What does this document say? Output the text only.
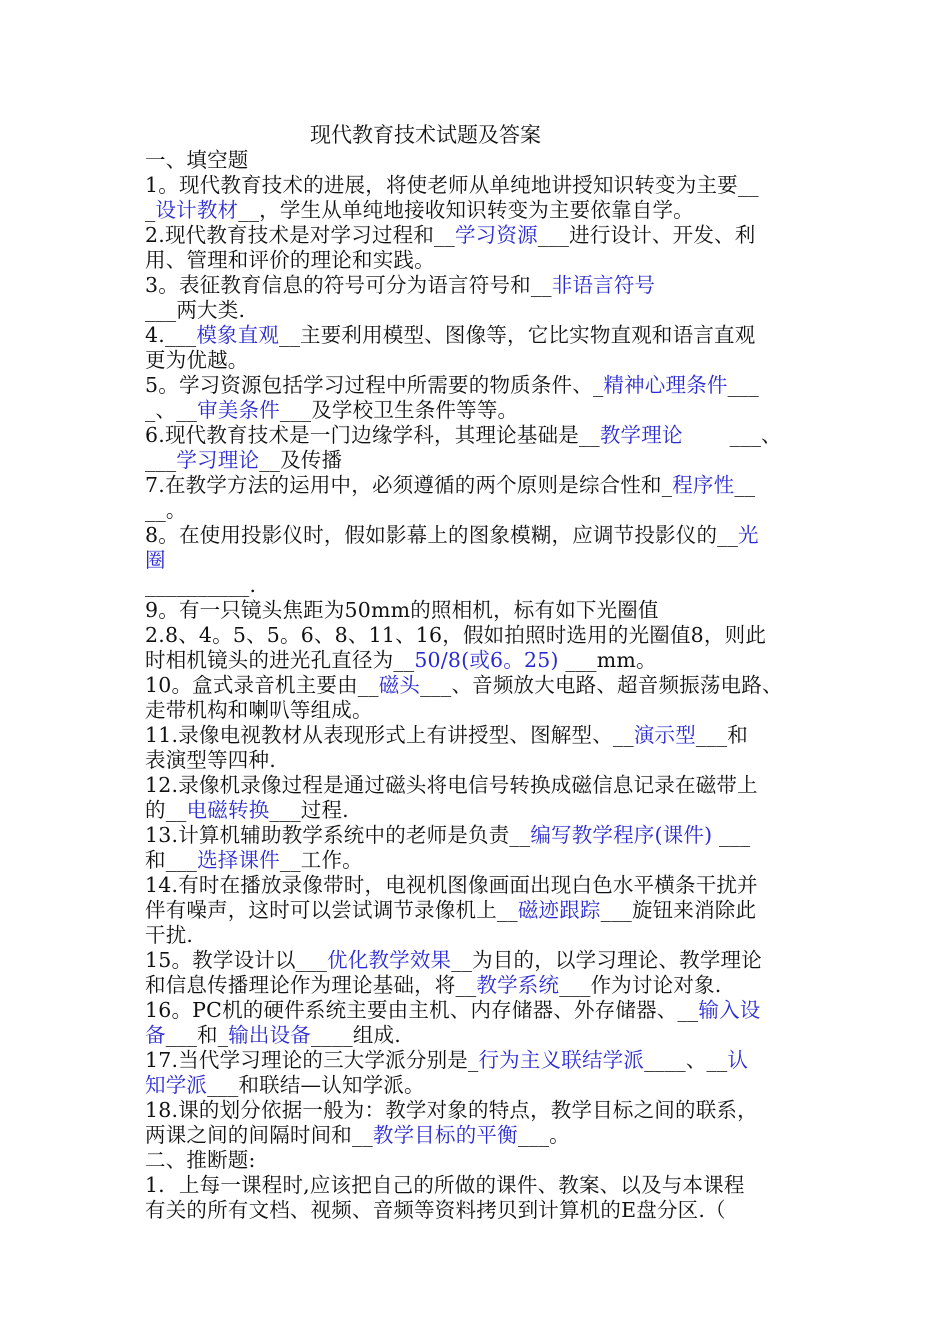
现代教育技术试题及答案
一、填空题
1。现代教育技术的进展，将使老师从单纯地讲授知识转变为主要__
_设计教材__，学生从单纯地接收知识转变为主要依靠自学。
2.现代教育技术是对学习过程和__学习资源___进行设计、开发、利
用、管理和评价的理论和实践。
3。表征教育信息的符号可分为语言符号和__非语言符号
___两大类.
4.___模象直观__主要利用模型、图像等，它比实物直观和语言直观
更为优越。
5。学习资源包括学习过程中所需要的物质条件、_精神心理条件___
_、__审美条件___及学校卫生条件等等。
6.现代教育技术是一门边缘学科，其理论基础是__教学理论       ___、
___学习理论__及传播
7.在教学方法的运用中，必须遵循的两个原则是综合性和_程序性__
__。
8。在使用投影仪时，假如影幕上的图象模糊，应调节投影仪的__光
圈
__________.
9。有一只镜头焦距为50mm的照相机，标有如下光圈值
2.8、4。5、5。6、8、11、16，假如拍照时选用的光圈值8，则此
时相机镜头的进光孔直径为__50/8(或6。25) ___mm。
10。盒式录音机主要由__磁头___、音频放大电路、超音频振荡电路、
走带机构和喇叭等组成。
11.录像电视教材从表现形式上有讲授型、图解型、__演示型___和
表演型等四种.
12.录像机录像过程是通过磁头将电信号转换成磁信息记录在磁带上
的__电磁转换___过程.
13.计算机辅助教学系统中的老师是负责__编写教学程序(课件) ___
和___选择课件__工作。
14.有时在播放录像带时，电视机图像画面出现白色水平横条干扰并
伴有噪声，这时可以尝试调节录像机上__磁迹跟踪___旋钮来消除此
干扰.
15。教学设计以___优化教学效果__为目的，以学习理论、教学理论
和信息传播理论作为理论基础，将__教学系统___作为讨论对象.
16。PC机的硬件系统主要由主机、内存储器、外存储器、__输入设
备___和_输出设备____组成.
17.当代学习理论的三大学派分别是_行为主义联结学派____、__认
知学派___和联结—认知学派。
18.课的划分依据一般为：教学对象的特点，教学目标之间的联系，
两课之间的间隔时间和__教学目标的平衡___。
二、推断题:
1．上每一课程时,应该把自己的所做的课件、教案、以及与本课程
有关的所有文档、视频、音频等资料拷贝到计算机的E盘分区.（
